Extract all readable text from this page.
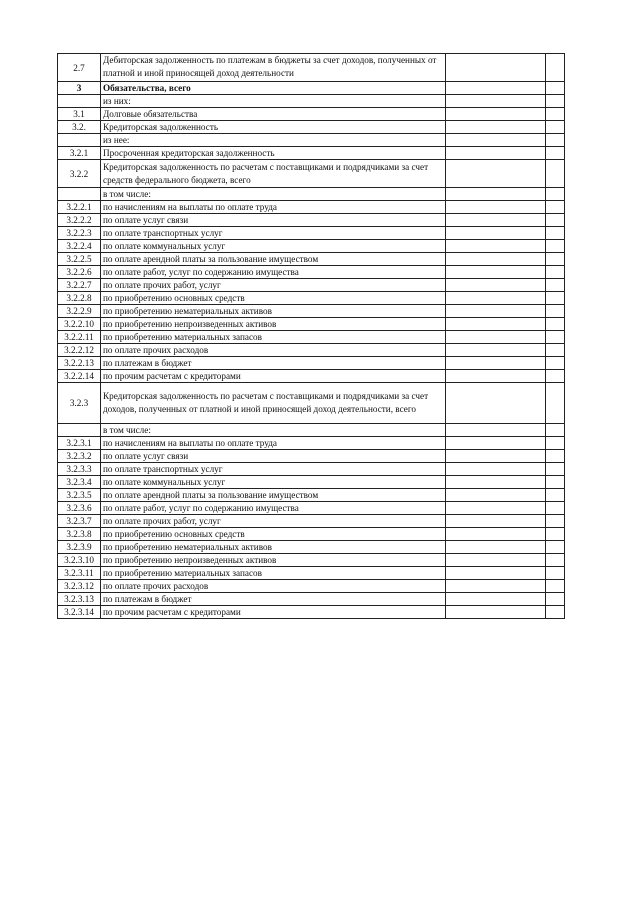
2.7	Дебиторская задолженность по платежам в бюджеты за счет доходов, полученных от платной и иной приносящей доход деятельности		
3	Обязательства, всего		
	из них:		
3.1	Долговые обязательства		
3.2.	Кредиторская задолженность		
	из нее:		
3.2.1	Просроченная кредиторская задолженность		
3.2.2	Кредиторская задолженность по расчетам с поставщиками и подрядчиками за счет средств федерального бюджета, всего		
	в том числе:		
3.2.2.1	по начислениям на выплаты по оплате труда		
3.2.2.2	по оплате услуг связи		
3.2.2.3	по оплате транспортных услуг		
3.2.2.4	по оплате коммунальных услуг		
3.2.2.5	по оплате арендной платы за пользование имуществом		
3.2.2.6	по оплате работ, услуг по содержанию имущества		
3.2.2.7	по оплате прочих работ, услуг		
3.2.2.8	по приобретению основных средств		
3.2.2.9	по приобретению нематериальных активов		
3.2.2.10	по приобретению непроизведенных активов		
3.2.2.11	по приобретению материальных запасов		
3.2.2.12	по оплате прочих расходов		
3.2.2.13	по платежам в бюджет		
3.2.2.14	по прочим расчетам с кредиторами		
3.2.3	Кредиторская задолженность по расчетам с поставщиками и подрядчиками за счет доходов, полученных от платной и иной приносящей доход деятельности, всего		
	в том числе:		
3.2.3.1	по начислениям на выплаты по оплате труда		
3.2.3.2	по оплате услуг связи		
3.2.3.3	по оплате транспортных услуг		
3.2.3.4	по оплате коммунальных услуг		
3.2.3.5	по оплате арендной платы за пользование имуществом		
3.2.3.6	по оплате работ, услуг по содержанию имущества		
3.2.3.7	по оплате прочих работ, услуг		
3.2.3.8	по приобретению основных средств		
3.2.3.9	по приобретению нематериальных активов		
3.2.3.10	по приобретению непроизведенных активов		
3.2.3.11	по приобретению материальных запасов		
3.2.3.12	по оплате прочих расходов		
3.2.3.13	по платежам в бюджет		
3.2.3.14	по прочим расчетам с кредиторами		
